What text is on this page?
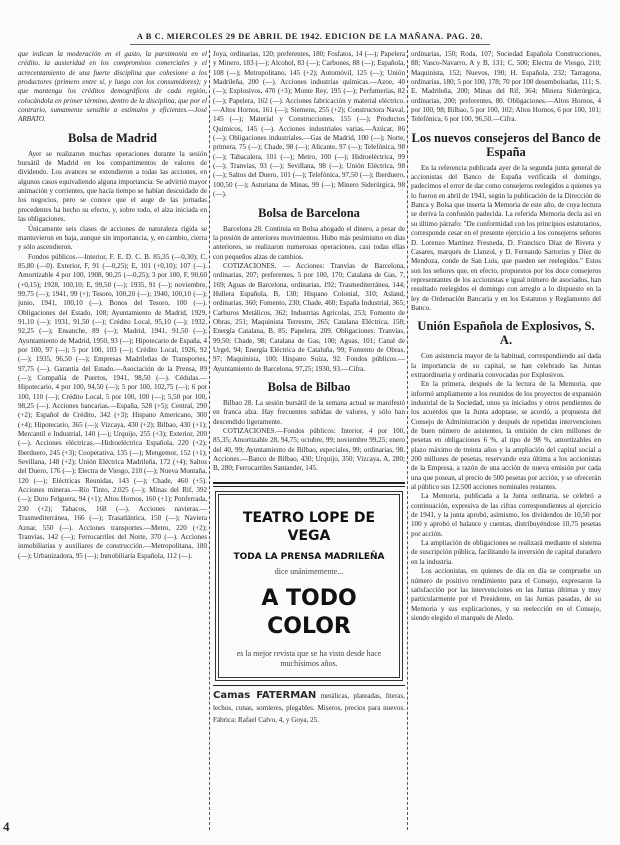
A B C. MIERCOLES 29 DE ABRIL DE 1942. EDICION DE LA MAÑANA. PAG. 20.

que indican la moderación en el gasto, la parsimonia en el crédito, la austeridad en los compromisos comerciales y el acrecentamiento de una fuerte disciplina que cohesione a los productores (primero entre sí, y luego con los consumidores); y que mantenga los créditos demográficos de cada región, colocándola en primer término, dentro de la disciplina, que por el contrario, sumamente sensible a estímulos y eficientes.—José ARBATO.

Bolsa de Madrid

Ayer se realizaron muchas operaciones durante la sesión bursátil de Madrid en los compartimentos de valores de dividendo. Los avances se extendieron a todas las acciones, en algunos casos equivaliendo alguna importancia. Se advirtió mayor animación y corrientes, que hacía tiempo se habían descuidado de los negocios, pero se conoce que el auge de las jornadas precedentes ha hecho su efecto, y, sobre todo, el alza iniciada en las obligaciones.

Únicamente seis clases de acciones de naturaleza rígida se mantuvieron en baja, aunque sin importancia, y, en cambio, cierra y sólo ascendieron.

Fondos públicos.—Interior, F. E. D. C. B. 85,35 (—0,30); C, 85,80 (—0). Exterior, F, 91 (—0,25); E, 101 (+0,10); 107 (—). Amortizable 4 por 100, 1908, 90,25 (—0,25); 3 por 100, F, 90,60 (+0,15); 1928, 100,10; E, 99,50 (—); 1935, 91 (—); noviembre, 99,75 (—); 1941, 99 (+); Tesoro, 100,20 (—); 1940, 100,10 (—); junio, 1941, 100,10 (—). Bonos del Tesoro, 100 (—). Obligaciones del Estado, 108; Ayuntamiento de Madrid, 1929, 91,10 (—); 1931, 91,50 (—); Crédito Local, 95,10 (—); 1932, 92,25 (—); Ensanche, 89 (—); Madrid, 1941, 91,50 (—); Ayuntamiento de Madrid, 1950, 93 (—); Hipotecario de España, 4 por 100, 97 (—); 5 por 100, 103 (—); Crédito Local, 1926, 92 (—); 1935, 96,50 (—); Empresas Madrileñas de Transportes, 97,75 (—). Garantía del Estado.—Asociación de la Prensa, 89 (—); Compañía de Puertos, 1941, 98,50 (—). Cédulas.—Hipotecario, 4 por 100, 94,50 (—); 5 por 100, 102,75 (—); 6 por 100, 110 (—); Crédito Local, 5 por 100, 100 (—); 5,50 por 100, 98,25 (—). Acciones bancarias.—España, 528 (+5); Central, 290 (+2); Español de Crédito, 342 (+3); Hispano Americano, 300 (+4); Hipotecario, 365 (—); Vizcaya, 430 (+2); Bilbao, 430 (+1); Mercantil e Industrial, 140 (—); Urquijo, 255 (+3); Exterior, 200 (—). Acciones eléctricas.—Hidroeléctrica Española, 220 (+2); Iberduero, 245 (+3); Cooperativa, 135 (—); Mengemor, 152 (+1); Sevillana, 148 (+2); Unión Eléctrica Madrileña, 172 (+4); Saltos del Duero, 176 (—); Electra de Viesgo, 210 (—); Nueva Montaña, 120 (—); Eléctricas Reunidas, 143 (—); Chade, 460 (+5). Acciones mineras.—Río Tinto, 2.025 (—); Minas del Rif, 392 (—); Duro Felguera, 94 (+1); Altos Hornos, 160 (+1); Ponferrada, 230 (+2); Tabacos, 168 (—). Acciones navieras.—Trasmediterránea, 166 (—); Trasatlántica, 150 (—); Naviera Aznar, 550 (—). Acciones transportes.—Metro, 220 (+2); Tranvías, 142 (—); Ferrocarriles del Norte, 370 (—). Acciones inmobiliarias y auxiliares de construcción.—Metropolitana, 180 (—); Urbanizadora, 95 (—); Inmobiliaria Española, 112 (—).

Joya, ordinarias, 120; preferentes, 180; Fosfatos, 14 (—); Papelera y Minero, 183 (—); Alcohol, 83 (—); Carbones, 88 (—); Española, 108 (—); Metropolitano, 145 (+2); Automóvil, 125 (—); Unión Madrileña, 200 (—). Acciones industrias químicas.—Azoe, 40 (—); Explosivos, 470 (+3); Monte Rey, 195 (—); Perfumerías, 82 (—); Papelera, 162 (—). Acciones fabricación y material eléctrico.—Altos Hornos, 161 (—); Siemens, 255 (+2); Constructora Naval, 145 (—); Material y Construcciones, 155 (—); Productos Químicos, 145 (—). Acciones industriales varias.—Azúcar, 86 (—); Obligaciones industriales.—Gas de Madrid, 100 (—); Norte, primera, 75 (—); Chade, 98 (—); Alicante, 97 (—); Telefónica, 98 (—); Tabacalera, 101 (—); Metro, 100 (—); Hidroeléctrica, 99 (—); Tranvías, 93 (—); Sevillana, 98 (—); Unión Eléctrica, 98 (—); Saltos del Duero, 101 (—); Telefónica, 97,50 (—); Iberduero, 100,50 (—); Asturiana de Minas, 99 (—); Minero Siderúrgica, 98 (—).

Bolsa de Barcelona

Barcelona 28. Continúa en Bolsa ahogado el dinero, a pesar de la presión de anteriores movimientos. Hubo más pesimismo en días anteriores, se realizaron numerosas operaciones, casi todas ellas con pequeños alzas de cambios.

COTIZACIONES. — Acciones: Tranvías de Barcelona, ordinarias, 207; preferentes, 5 por 100, 170; Catalana de Gas, 7, 169; Aguas de Barcelona, ordinarias, 192; Trasmediterránea, 144; Hullera Española, B, 130; Hispano Colonial, 310; Asland, ordinarias, 360; Fomento, 230; Chade, 460; España Industrial, 365; Carburos Metálicos, 362; Industrias Agrícolas, 253; Fomento de Obras, 251; Maquinista Terrestre, 265; Catalana Eléctrica, 158; Energía Catalana, B, 85; Papelera, 209. Obligaciones: Tranvías, 99,50; Chade, 98; Catalana de Gas, 100; Aguas, 101; Canal de Urgel, 94; Energía Eléctrica de Cataluña, 99; Fomento de Obras, 97; Maquinista, 100; Hispano Suiza, 92. Fondos públicos.—Ayuntamiento de Barcelona, 97,25; 1930, 93.—Cifra.

Bolsa de Bilbao

Bilbao 28. La sesión bursátil de la semana actual se manifestó en franca alza. Hay frecuentes subidas de valores, y sólo han descendido ligeramente.

COTIZACIONES.—Fondos públicos: Interior, 4 por 100, 85,35; Amortizable 28, 94,75; octubre, 99; noviembre 99,25; enero del 40, 99; Ayuntamiento de Bilbao, especiales, 99; ordinarias, 98. Acciones.—Banco de Bilbao, 430; Urquijo, 350; Vizcaya, A, 280; B, 280; Ferrocarriles Santander, 145.

TEATRO LOPE DE VEGA
TODA LA PRENSA MADRILEÑA
dice unánimemente...
A TODO COLOR
es la mejor revista que se ha visto desde hace muchísimos años.
Camas FATERMAN metálicas, plateadas, literas, lechos, cunas, somieres, plegables. Miseros, precios para nuevos. Fábrica: Rafael Calvo, 4, y Goya, 25.

ordinarias, 150; Roda, 107; Sociedad Española Construcciones, 88; Vasco-Navarro, A y B, 131; C, 500; Electra de Viesgo, 210; Maquinista, 152; Nuevos, 190; H. Española, 232; Tarragona, ordinarias, 180; 5 por 100, 178; 70 por 100 desembolsadas, 111; S. E. Madrileña, 200; Minas del Rif, 364; Minera Siderúrgica, ordinarias, 200; preferentes, 80. Obligaciones.—Altos Hornos, 4 por 100, 98; Bilbao, 5 por 100, 102; Altos Hornos, 6 por 100, 101; Telefónica, 6 por 100, 96,50.—Cifra.

Los nuevos consejeros del Banco de España

En la referencia publicada ayer de la segunda junta general de accionistas del Banco de España verificada el domingo, padecimos el error de dar como consejeros reelegidos a quienes ya lo fueron en abril de 1941, según la publicación de la Dirección de Banca y Bolsa que inserta la Memoria de este año, de cuya lectura se deriva la confusión padecida. La referida Memoria decía así en su último párrafo: "De conformidad con los principios estatutarios, corresponde cesar en el presente ejercicio a los consejeros señores D. Lorenzo Martínez Fresneda, D. Francisco Díaz de Rivera y Casares, marqués de Llanzol, y D. Fernando Sartorius y Díez de Mendoza, conde de San Luis, que pueden ser reelegidos." Estos son los señores que, en efecto, propuestos por los doce consejeros representantes de los accionistas e igual número de asociados, han resultado reelegidos el domingo con arreglo a lo dispuesto en la ley de Ordenación Bancaria y en los Estatutos y Reglamento del Banco.

Unión Española de Explosivos, S. A.

Con asistencia mayor de la habitual, correspondiendo así dada la importancia de su capital, se han celebrado las Juntas extraordinaria y ordinaria convocadas por Explosivos.

En la primera, después de la lectura de la Memoria, que informó ampliamente a los reunidos de los proyectos de expansión industrial de la Sociedad, unos ya iniciados y otros pendientes de los acuerdos que la Junta adoptase, se acordó, a propuesta del Consejo de Administración y después de repetidas intervenciones de buen número de asistentes, la emisión de cien millones de pesetas en obligaciones 6 %, al tipo de 98 %, amortizables en plazo máximo de treinta años y la ampliación del capital social a 200 millones de pesetas, reservando esta última a los accionistas de la Empresa, a razón de una acción de nueva emisión por cada una que posean, al precio de 500 pesetas por acción, y se ofrecerán al público sus 12.500 acciones nominales restantes.

La Memoria, publicada a la Junta ordinaria, se celebró a continuación, expresiva de las cifras correspondientes al ejercicio de 1941, y la junta aprobó, asimismo, los dividendos de 10,50 por 100 y aprobó el balance y cuentas, distribuyéndose 10,75 pesetas por acción.

La ampliación de obligaciones se realizará mediante el sistema de suscripción pública, facilitando la inversión de capital duradero en la industria.

Los accionistas, en quienes de día en día se compruebe un número de positivo rendimiento para el Consejo, expresaron la satisfacción por las intervenciones en las Juntas últimas y muy particularmente por el Presidente, en las Juntas pasadas, de su Memoria y sus explicaciones, y su reelección en el Consejo, siendo elegido el marqués de Aledo.

4
